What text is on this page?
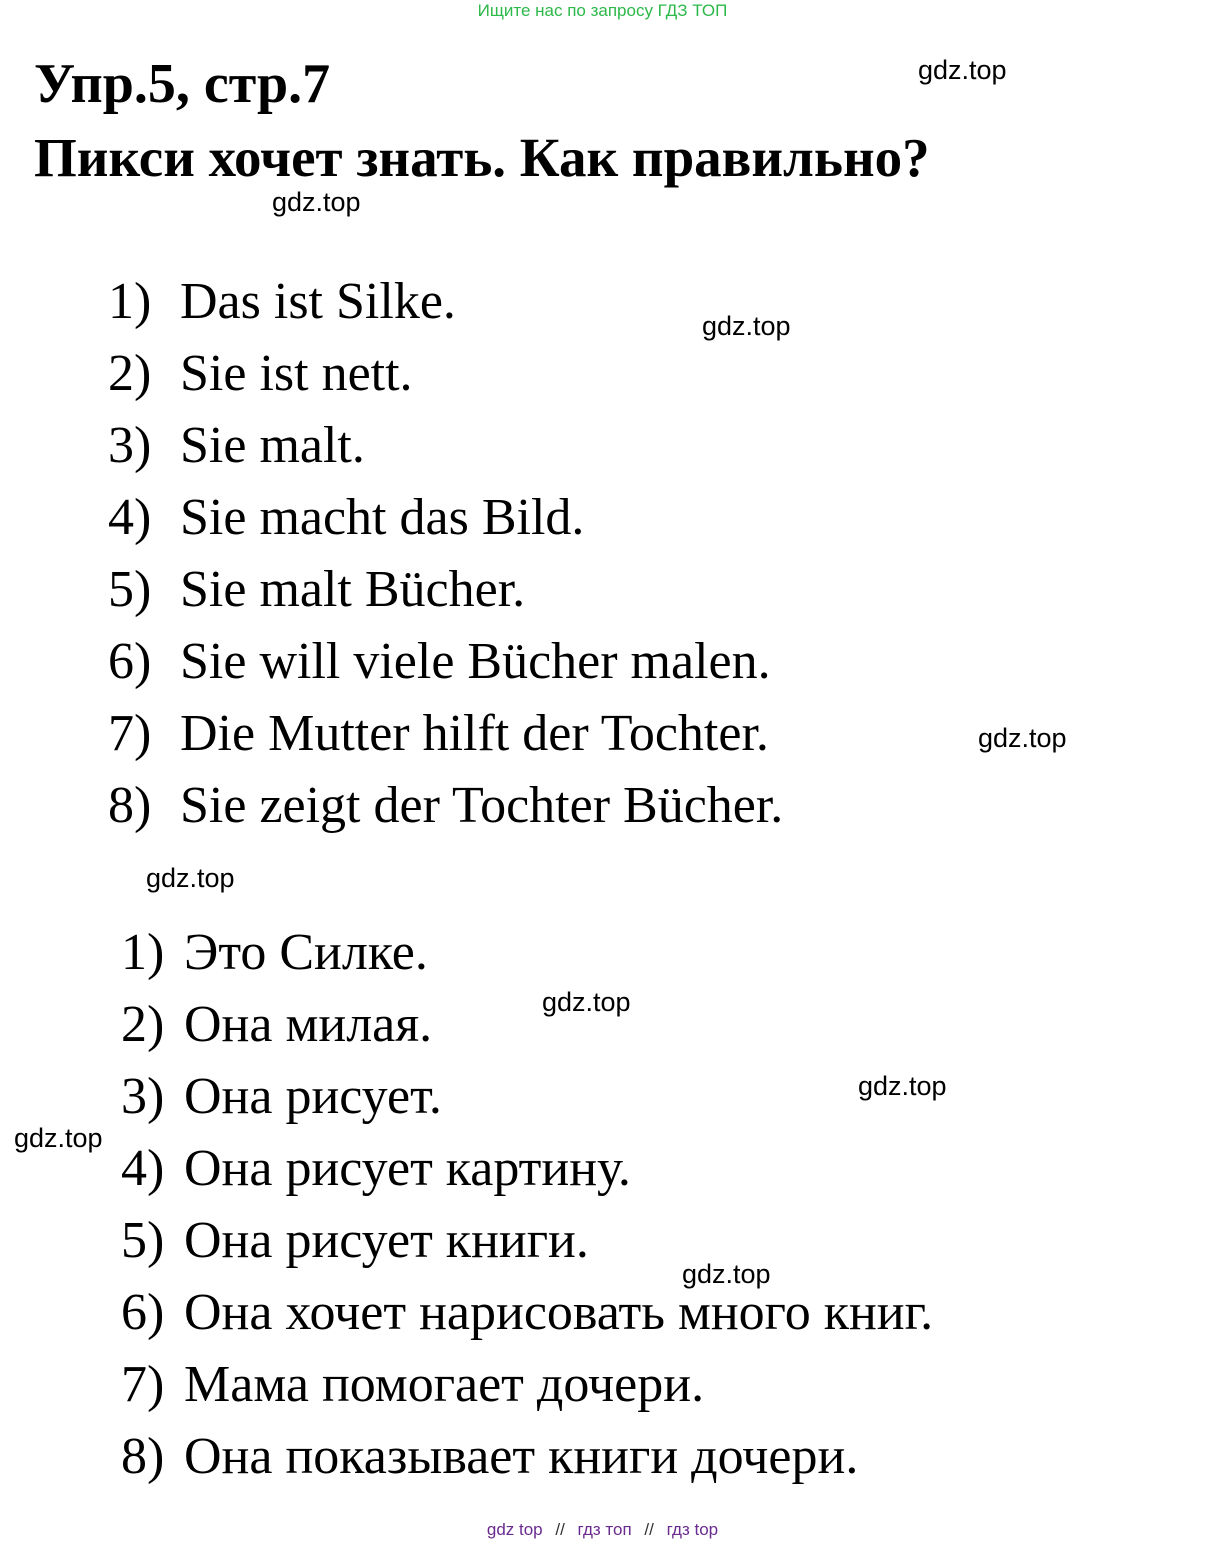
Ищите нас по запросу ГДЗ ТОП
Упр.5, стр.7
Пикси хочет знать. Как правильно?
gdz.top
gdz.top
gdz.top
gdz.top
gdz.top
gdz.top
gdz.top
gdz.top
gdz.top
1) Das ist Silke.
2) Sie ist nett.
3) Sie malt.
4) Sie macht das Bild.
5) Sie malt Bücher.
6) Sie will viele Bücher malen.
7) Die Mutter hilft der Tochter.
8) Sie zeigt der Tochter Bücher.
1) Это Силке.
2) Она милая.
3) Она рисует.
4) Она рисует картину.
5) Она рисует книги.
6) Она хочет нарисовать много книг.
7) Мама помогает дочери.
8) Она показывает книги дочери.
gdz top // гдз топ // гдз top
